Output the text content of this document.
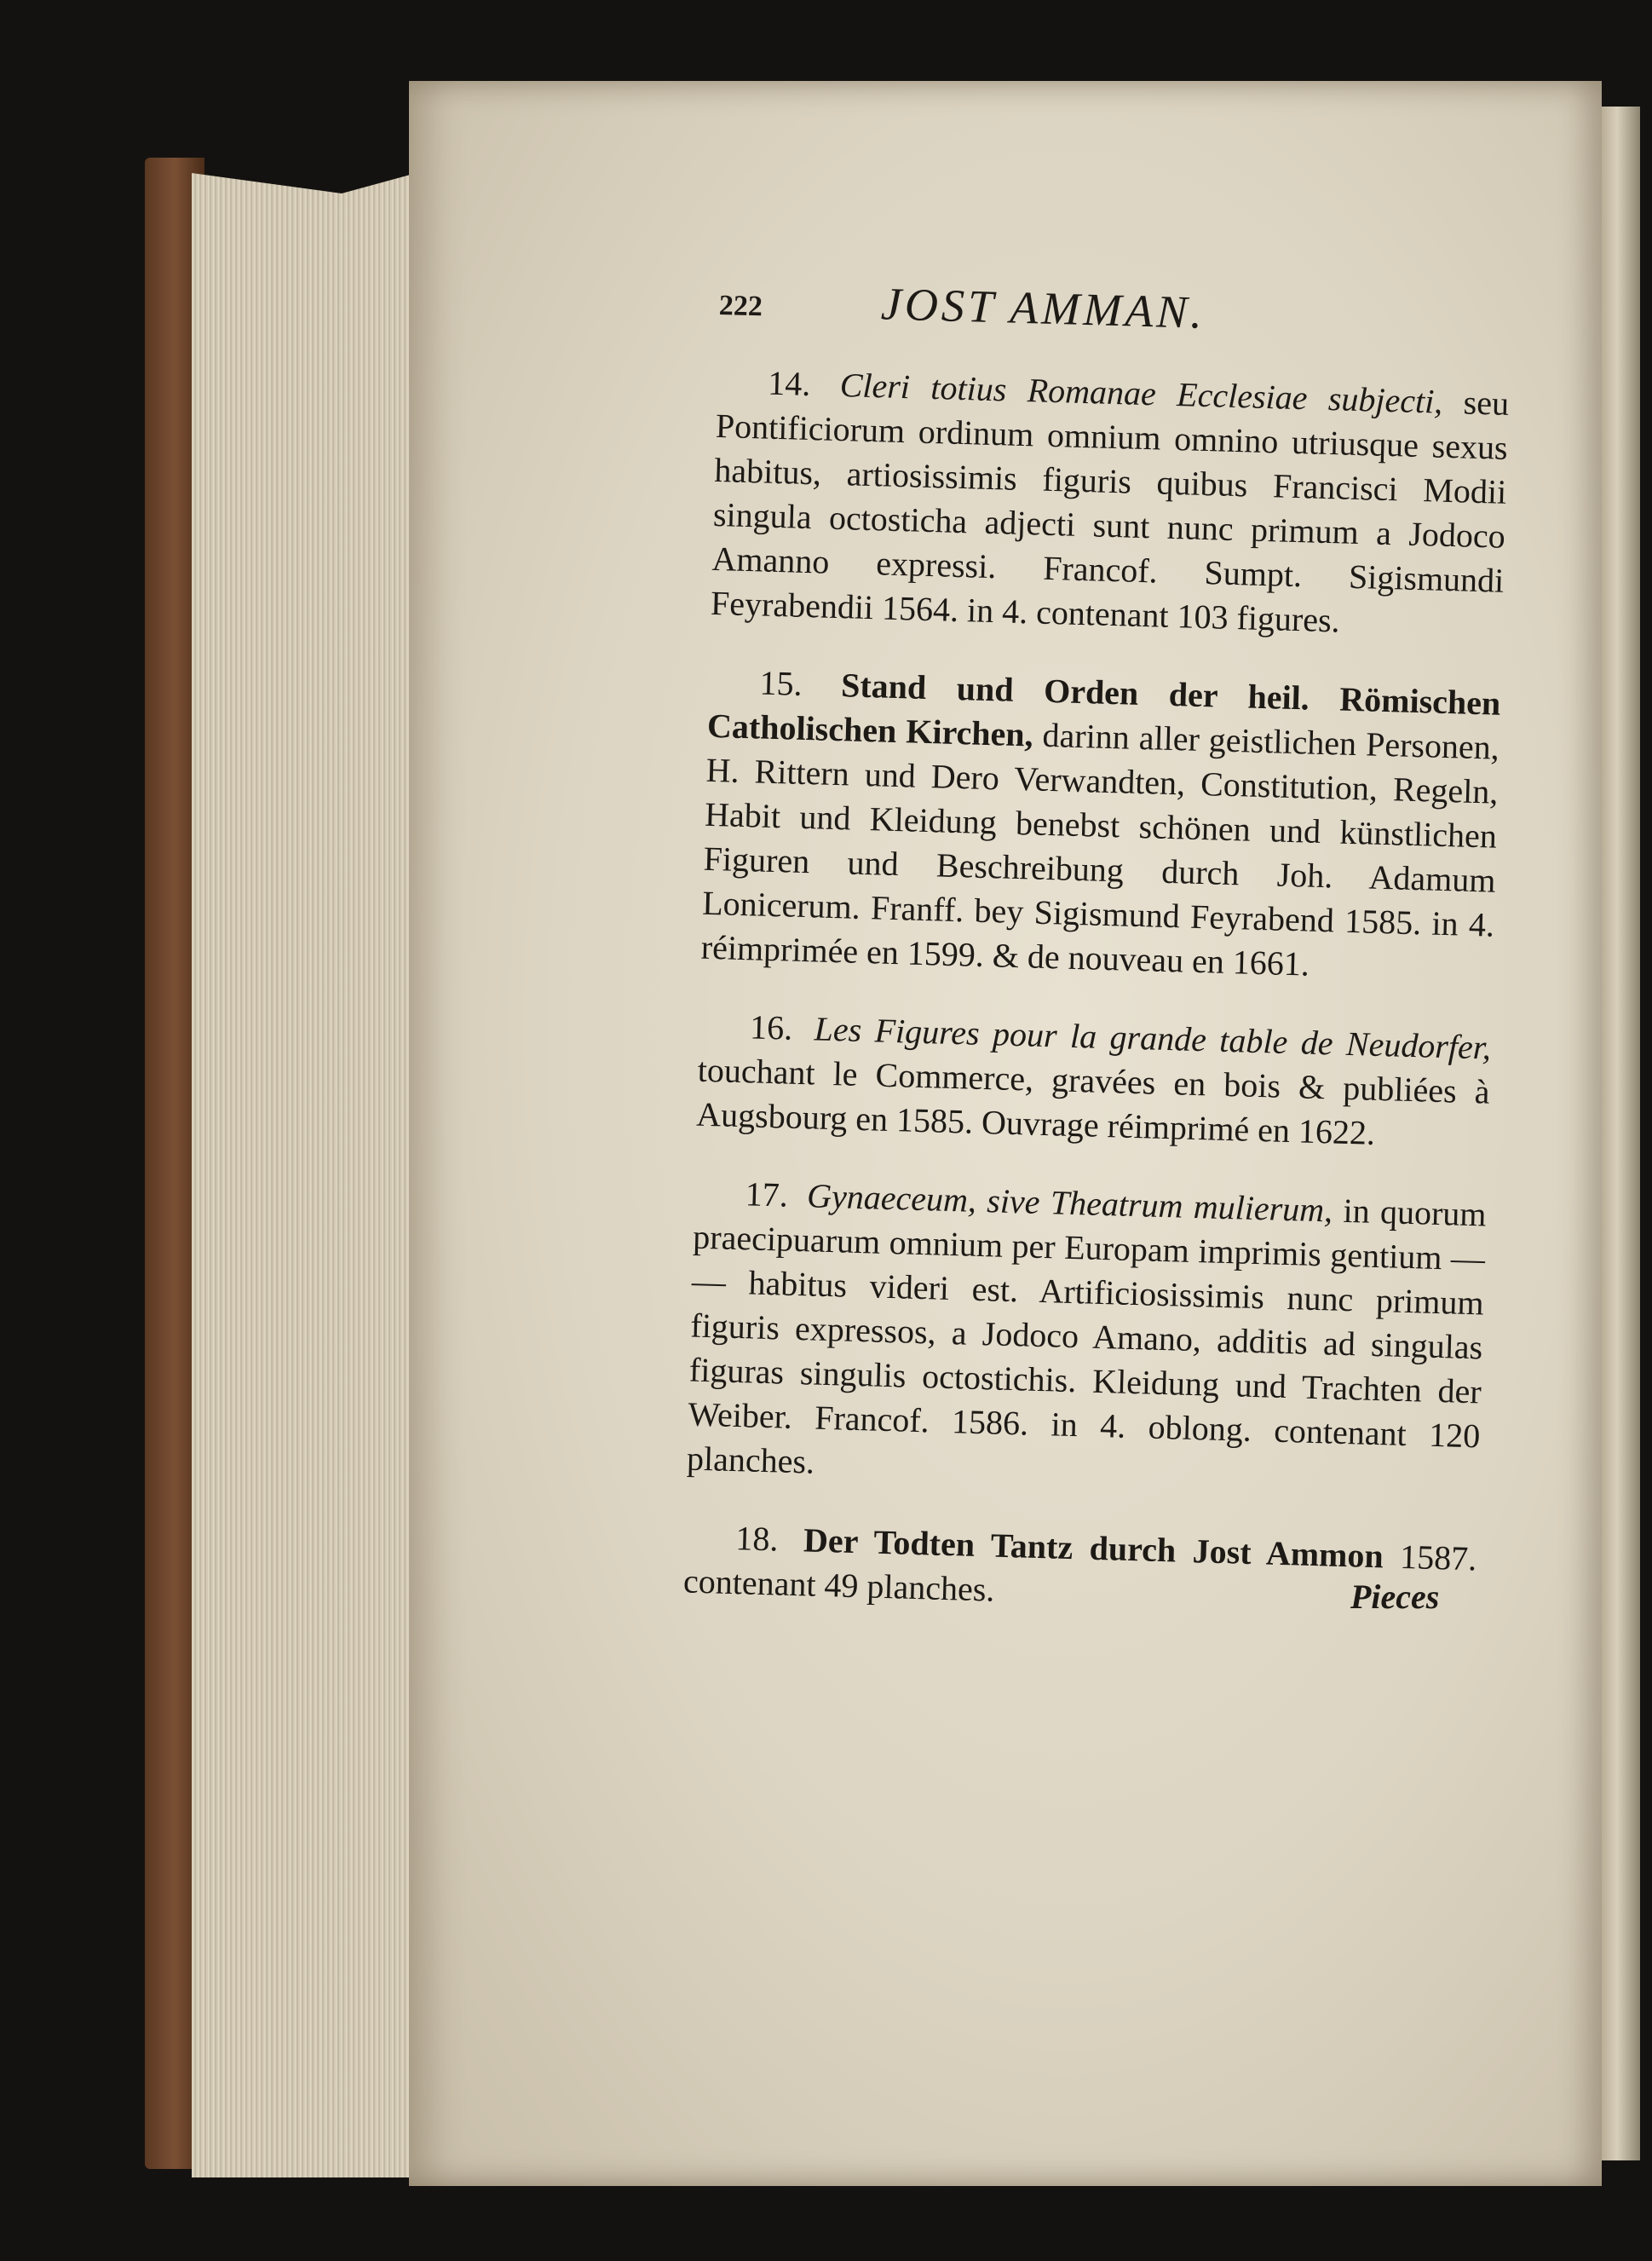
222	JOST AMMAN.

14. Cleri totius Romanae Ecclesiae subjecti, seu Pontificiorum ordinum omnium omnino utriusque sexus habitus, artiosissimis figuris quibus Francisci Modii singula octosticha adjecti sunt nunc primum a Jodoco Amanno expressi. Francof. Sumpt. Sigismundi Feyrabendii 1564. in 4. contenant 103 figures.

15. Stand und Orden der heil. Römischen Catholischen Kirchen, darinn aller geistlichen Personen, H. Rittern und Dero Verwandten, Constitution, Regeln, Habit und Kleidung benebst schönen und künstlichen Figuren und Beschreibung durch Joh. Adamum Lonicerum. Franff. bey Sigismund Feyrabend 1585. in 4. réimprimée en 1599. & de nouveau en 1661.

16. Les Figures pour la grande table de Neudorfer, touchant le Commerce, gravées en bois & publiées à Augsbourg en 1585. Ouvrage réimprimé en 1622.

17. Gynaeceum, sive Theatrum mulierum, in quorum praecipuarum omnium per Europam imprimis gentium — — habitus videri est. Artificiosissimis nunc primum figuris expressos, a Jodoco Amano, additis ad singulas figuras singulis octostichis. Kleidung und Trachten der Weiber. Francof. 1586. in 4. oblong. contenant 120 planches.

18. Der Todten Tantz durch Jost Ammon 1587. contenant 49 planches.	Pieces
